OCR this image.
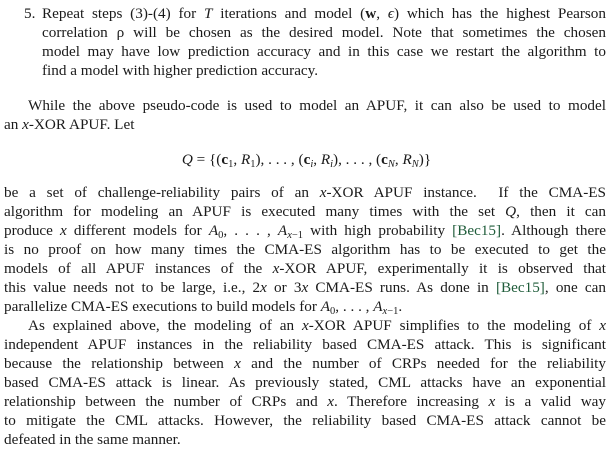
5. Repeat steps (3)-(4) for T iterations and model (w, ϵ) which has the highest Pearson
correlation ρ will be chosen as the desired model. Note that sometimes the chosen
model may have low prediction accuracy and in this case we restart the algorithm to
find a model with higher prediction accuracy.
While the above pseudo-code is used to model an APUF, it can also be used to model
an x-XOR APUF. Let
$Q = \{(c_1$, $R_1$), . . . , ($c_i$, $R_i$), . . . , ($c_N$, $R_N$)}
be a set of challenge-reliability pairs of an x-XOR APUF instance.  If the CMA-ES
algorithm for modeling an APUF is executed many times with the set Q, then it can
produce x different models for $A_0$, . . . , $A_{x-1}$ with high probability [Bec15]. Although there
is no proof on how many times the CMA-ES algorithm has to be executed to get the
models of all APUF instances of the x-XOR APUF, experimentally it is observed that
this value needs not to be large, i.e., 2x or 3x CMA-ES runs. As done in [Bec15], one can
parallelize CMA-ES executions to build models for $A_0$, . . . , $A_{x-1}$.
As explained above, the modeling of an x-XOR APUF simplifies to the modeling of x
independent APUF instances in the reliability based CMA-ES attack. This is significant
because the relationship between x and the number of CRPs needed for the reliability
based CMA-ES attack is linear. As previously stated, CML attacks have an exponential
relationship between the number of CRPs and x. Therefore increasing x is a valid way
to mitigate the CML attacks. However, the reliability based CMA-ES attack cannot be
defeated in the same manner.
